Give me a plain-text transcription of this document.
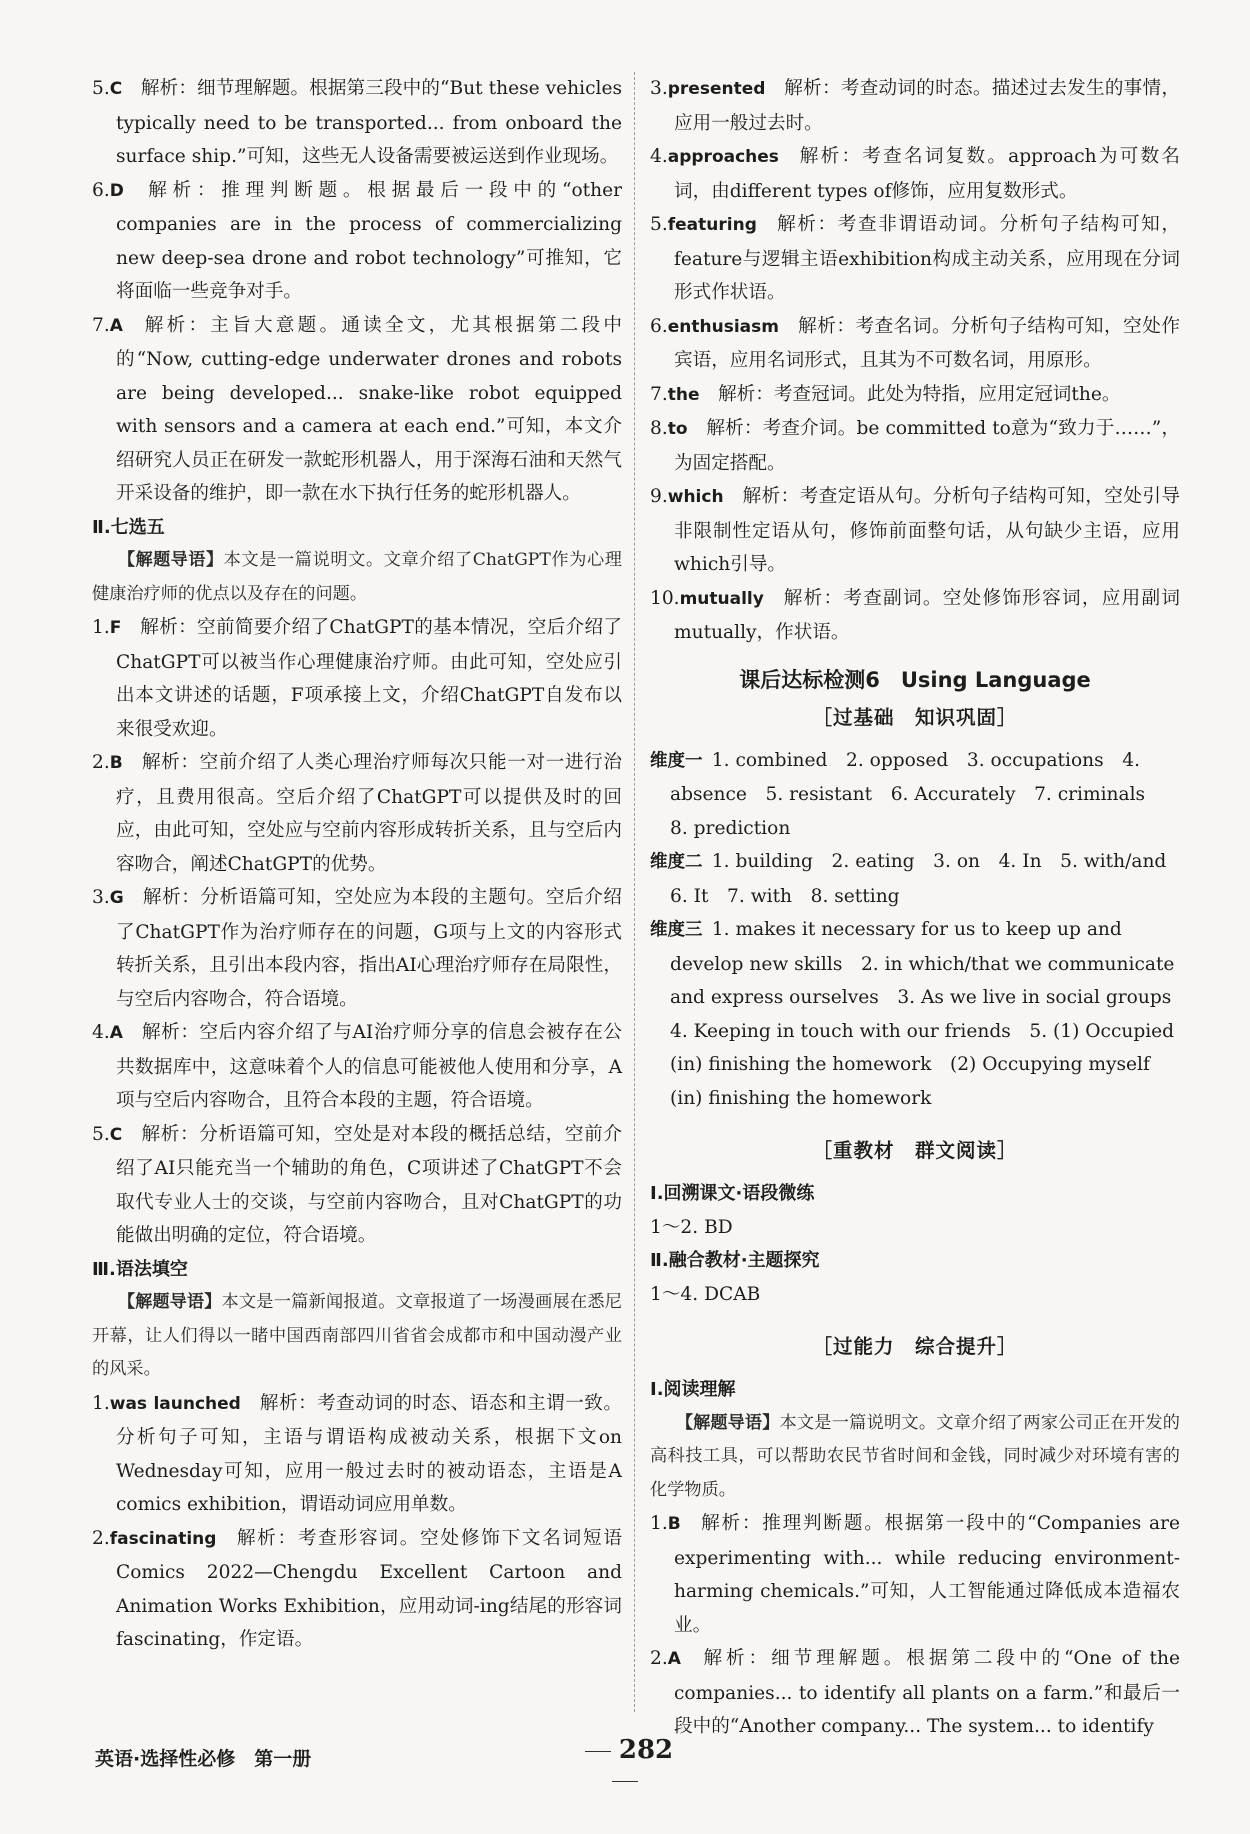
5.C  解析：细节理解题。根据第三段中的“But these vehicles typically need to be transported... from onboard the surface ship.”可知，这些无人设备需要被运送到作业现场。

6.D  解析：推理判断题。根据最后一段中的“other companies are in the process of commercializing new deep-sea drone and robot technology”可推知，它将面临一些竞争对手。

7.A  解析：主旨大意题。通读全文，尤其根据第二段中的“Now, cutting-edge underwater drones and robots are being developed... snake-like robot equipped with sensors and a camera at each end.”可知，本文介绍研究人员正在研发一款蛇形机器人，用于深海石油和天然气开采设备的维护，即一款在水下执行任务的蛇形机器人。

Ⅱ.七选五

【解题导语】本文是一篇说明文。文章介绍了ChatGPT作为心理健康治疗师的优点以及存在的问题。

1.F  解析：空前简要介绍了ChatGPT的基本情况，空后介绍了ChatGPT可以被当作心理健康治疗师。由此可知，空处应引出本文讲述的话题，F项承接上文，介绍ChatGPT自发布以来很受欢迎。

2.B  解析：空前介绍了人类心理治疗师每次只能一对一进行治疗，且费用很高。空后介绍了ChatGPT可以提供及时的回应，由此可知，空处应与空前内容形成转折关系，且与空后内容吻合，阐述ChatGPT的优势。

3.G  解析：分析语篇可知，空处应为本段的主题句。空后介绍了ChatGPT作为治疗师存在的问题，G项与上文的内容形式转折关系，且引出本段内容，指出AI心理治疗师存在局限性，与空后内容吻合，符合语境。

4.A  解析：空后内容介绍了与AI治疗师分享的信息会被存在公共数据库中，这意味着个人的信息可能被他人使用和分享，A项与空后内容吻合，且符合本段的主题，符合语境。

5.C  解析：分析语篇可知，空处是对本段的概括总结，空前介绍了AI只能充当一个辅助的角色，C项讲述了ChatGPT不会取代专业人士的交谈，与空前内容吻合，且对ChatGPT的功能做出明确的定位，符合语境。

Ⅲ.语法填空

【解题导语】本文是一篇新闻报道。文章报道了一场漫画展在悉尼开幕，让人们得以一睹中国西南部四川省省会成都市和中国动漫产业的风采。

1.was launched  解析：考查动词的时态、语态和主谓一致。分析句子可知，主语与谓语构成被动关系，根据下文on Wednesday可知，应用一般过去时的被动语态，主语是A comics exhibition，谓语动词应用单数。

2.fascinating  解析：考查形容词。空处修饰下文名词短语Comics 2022—Chengdu Excellent Cartoon and Animation Works Exhibition，应用动词-ing结尾的形容词fascinating，作定语。

3.presented  解析：考查动词的时态。描述过去发生的事情，应用一般过去时。

4.approaches  解析：考查名词复数。approach为可数名词，由different types of修饰，应用复数形式。

5.featuring  解析：考查非谓语动词。分析句子结构可知，feature与逻辑主语exhibition构成主动关系，应用现在分词形式作状语。

6.enthusiasm  解析：考查名词。分析句子结构可知，空处作宾语，应用名词形式，且其为不可数名词，用原形。

7.the  解析：考查冠词。此处为特指，应用定冠词the。

8.to  解析：考查介词。be committed to意为“致力于……”，为固定搭配。

9.which  解析：考查定语从句。分析句子结构可知，空处引导非限制性定语从句，修饰前面整句话，从句缺少主语，应用which引导。

10.mutually  解析：考查副词。空处修饰形容词，应用副词mutually，作状语。

课后达标检测6　Using Language

［过基础　知识巩固］

维度一  1. combined　2. opposed　3. occupations　4. absence　5. resistant　6. Accurately　7. criminals　8. prediction

维度二  1. building　2. eating　3. on　4. In　5. with/and　6. It　7. with　8. setting

维度三  1. makes it necessary for us to keep up and develop new skills　2. in which/that we communicate and express ourselves　3. As we live in social groups　4. Keeping in touch with our friends　5. (1) Occupied (in) finishing the homework　(2) Occupying myself (in) finishing the homework

［重教材　群文阅读］

Ⅰ.回溯课文·语段微练

1～2. BD

Ⅱ.融合教材·主题探究

1～4. DCAB

［过能力　综合提升］

Ⅰ.阅读理解

【解题导语】本文是一篇说明文。文章介绍了两家公司正在开发的高科技工具，可以帮助农民节省时间和金钱，同时减少对环境有害的化学物质。

1.B  解析：推理判断题。根据第一段中的“Companies are experimenting with... while reducing environment-harming chemicals.”可知，人工智能通过降低成本造福农业。

2.A  解析：细节理解题。根据第二段中的“One of the companies... to identify all plants on a farm.”和最后一段中的“Another company... The system... to identify

英语·选择性必修　第一册	282
